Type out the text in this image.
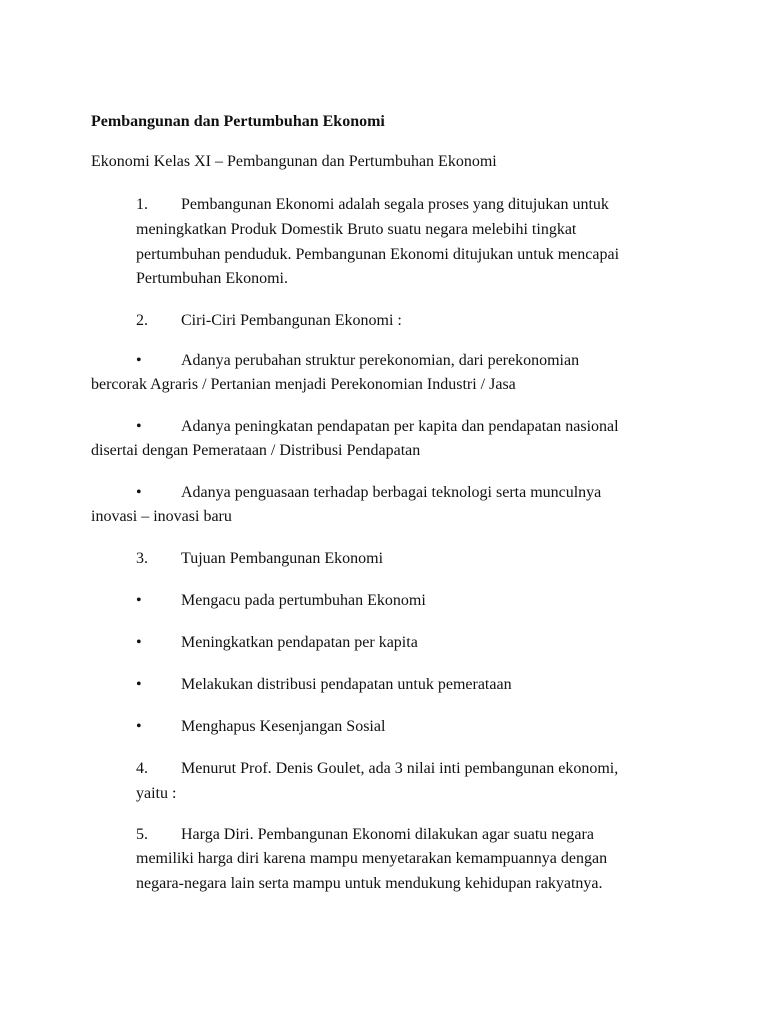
Pembangunan dan Pertumbuhan Ekonomi
Ekonomi Kelas XI – Pembangunan dan Pertumbuhan Ekonomi
1. Pembangunan Ekonomi adalah segala proses yang ditujukan untuk
meningkatkan Produk Domestik Bruto suatu negara melebihi tingkat
pertumbuhan penduduk. Pembangunan Ekonomi ditujukan untuk mencapai
Pertumbuhan Ekonomi.
2. Ciri-Ciri Pembangunan Ekonomi :
• Adanya perubahan struktur perekonomian, dari perekonomian
bercorak Agraris / Pertanian menjadi Perekonomian Industri / Jasa
• Adanya peningkatan pendapatan per kapita dan pendapatan nasional
disertai dengan Pemerataan / Distribusi Pendapatan
• Adanya penguasaan terhadap berbagai teknologi serta munculnya
inovasi – inovasi baru
3. Tujuan Pembangunan Ekonomi
• Mengacu pada pertumbuhan Ekonomi
• Meningkatkan pendapatan per kapita
• Melakukan distribusi pendapatan untuk pemerataan
• Menghapus Kesenjangan Sosial
4. Menurut Prof. Denis Goulet, ada 3 nilai inti pembangunan ekonomi,
yaitu :
5. Harga Diri. Pembangunan Ekonomi dilakukan agar suatu negara
memiliki harga diri karena mampu menyetarakan kemampuannya dengan
negara-negara lain serta mampu untuk mendukung kehidupan rakyatnya.
